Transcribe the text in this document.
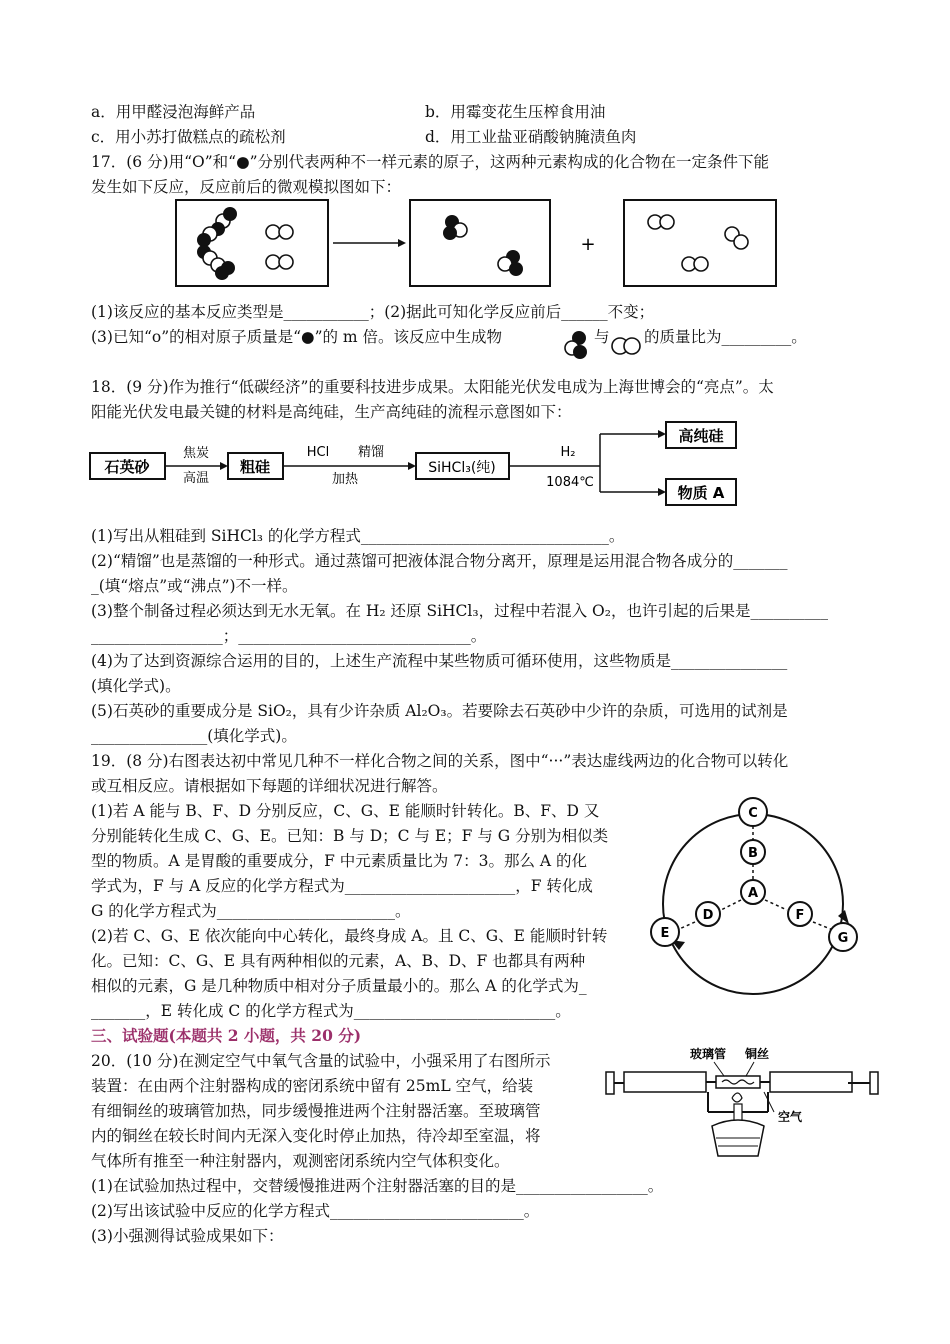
a．用甲醛浸泡海鲜产品	b．用霉变花生压榨食用油
c．用小苏打做糕点的疏松剂	d．用工业盐亚硝酸钠腌渍鱼肉
17．(6 分)用“O”和“●”分别代表两种不一样元素的原子，这两种元素构成的化合物在一定条件下能
发生如下反应，反应前后的微观模拟图如下：
+
(1)该反应的基本反应类型是___________；(2)据此可知化学反应前后______不变；
(3)已知“o”的相对原子质量是“●”的 m 倍。该反应中生成物	与 的质量比为_________。
18．(9 分)作为推行“低碳经济”的重要科技进步成果。太阳能光伏发电成为上海世博会的“亮点”。太
阳能光伏发电最关键的材料是高纯硅，生产高纯硅的流程示意图如下：
石英砂
焦炭
高温
粗硅
HCl 精馏
加热
SiHCl₃(纯)
H₂
1084℃
高纯硅
物质 A
(1)写出从粗硅到 SiHCl₃ 的化学方程式________________________________。
(2)“精馏”也是蒸馏的一种形式。通过蒸馏可把液体混合物分离开，原理是运用混合物各成分的_______
_(填“熔点”或“沸点”)不一样。
(3)整个制备过程必须达到无水无氧。在 H₂ 还原 SiHCl₃，过程中若混入 O₂，也许引起的后果是__________
_________________；______________________________。
(4)为了达到资源综合运用的目的，上述生产流程中某些物质可循环使用，这些物质是_______________
(填化学式)。
(5)石英砂的重要成分是 SiO₂，具有少许杂质 Al₂O₃。若要除去石英砂中少许的杂质，可选用的试剂是
_______________(填化学式)。
19．(8 分)右图表达初中常见几种不一样化合物之间的关系，图中“···”表达虚线两边的化合物可以转化
或互相反应。请根据如下每题的详细状况进行解答。
(1)若 A 能与 B、F、D 分别反应，C、G、E 能顺时针转化。B、F、D 又
分别能转化生成 C、G、E。已知：B 与 D；C 与 E；F 与 G 分别为相似类
型的物质。A 是胃酸的重要成分，F 中元素质量比为 7：3。那么 A 的化
学式为，F 与 A 反应的化学方程式为______________________，F 转化成
G 的化学方程式为_______________________。
(2)若 C、G、E 依次能向中心转化，最终身成 A。且 C、G、E 能顺时针转
化。已知：C、G、E 具有两种相似的元素，A、B、D、F 也都具有两种
相似的元素，G 是几种物质中相对分子质量最小的。那么 A 的化学式为_
_______，E 转化成 C 的化学方程式为__________________________。
C
B
A
D	F
E	G
三、试验题(本题共 2 小题，共 20 分)
20．(10 分)在测定空气中氧气含量的试验中，小强采用了右图所示
装置：在由两个注射器构成的密闭系统中留有 25mL 空气，给装
有细铜丝的玻璃管加热，同步缓慢推进两个注射器活塞。至玻璃管
内的铜丝在较长时间内无深入变化时停止加热，待冷却至室温，将
气体所有推至一种注射器内，观测密闭系统内空气体积变化。
玻璃管 铜丝
空气
(1)在试验加热过程中，交替缓慢推进两个注射器活塞的目的是_________________。
(2)写出该试验中反应的化学方程式_________________________。
(3)小强测得试验成果如下：
